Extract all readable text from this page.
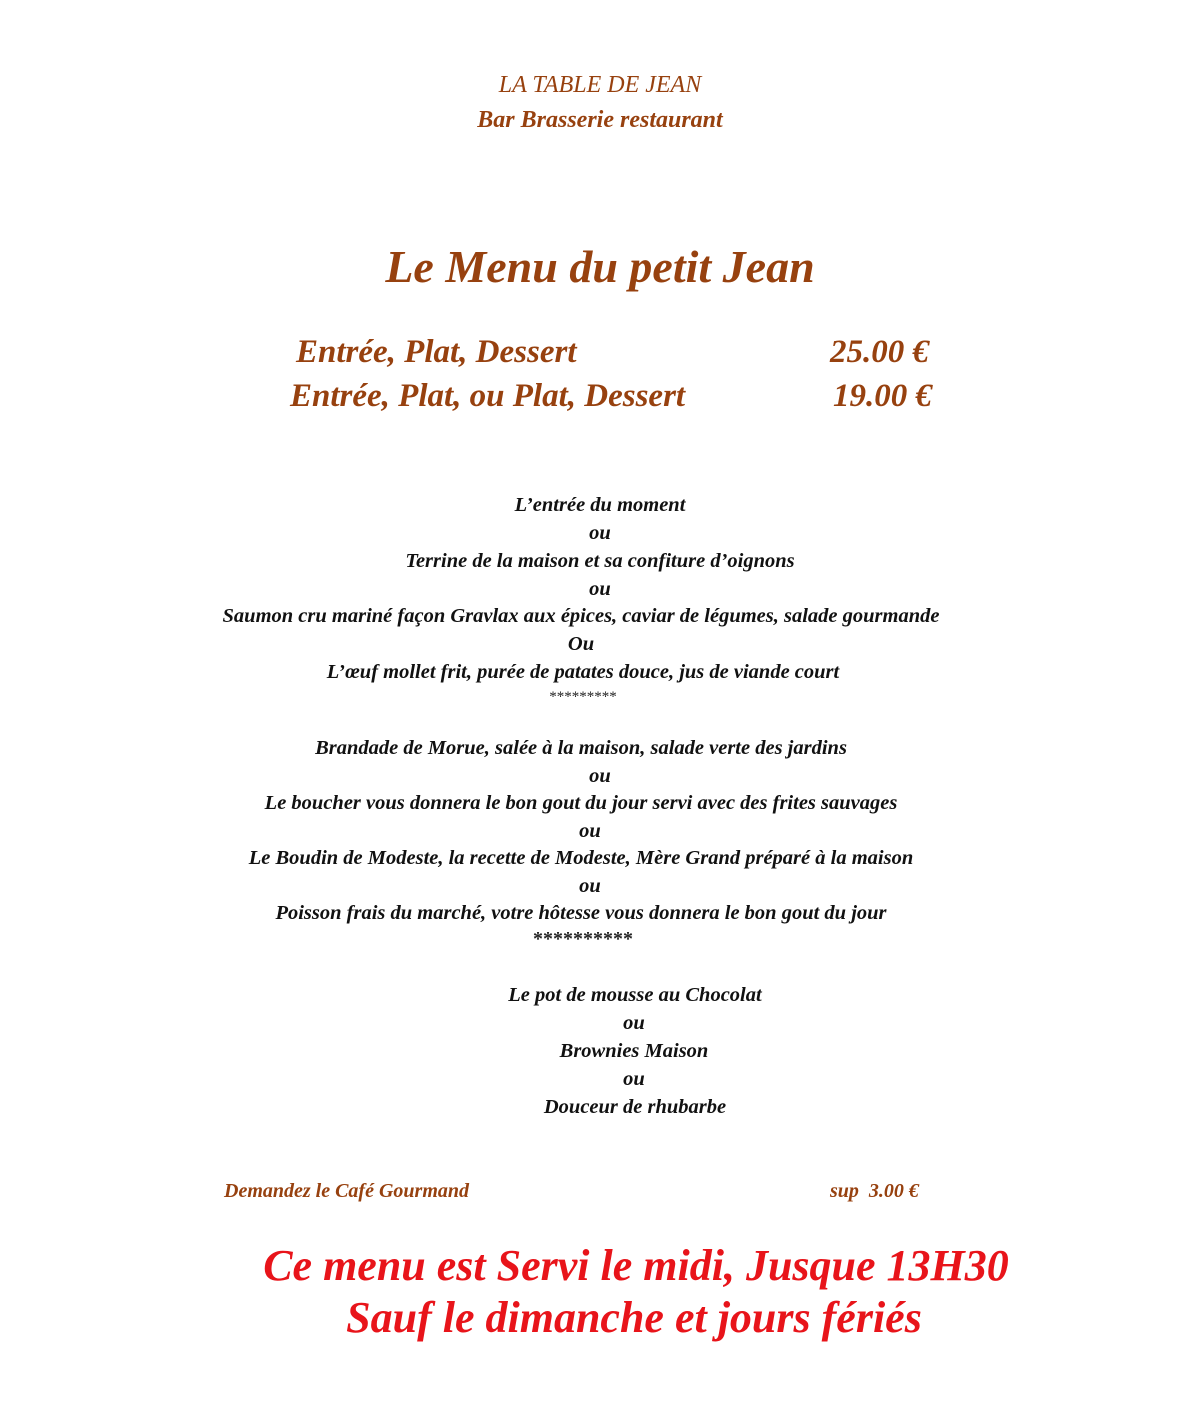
LA TABLE DE JEAN
Bar Brasserie restaurant
Le Menu du petit Jean
Entrée, Plat, Dessert	25.00 €
Entrée, Plat, ou Plat, Dessert	19.00 €
L’entrée du moment
ou
Terrine de la maison et sa confiture d’oignons
ou
Saumon cru mariné façon Gravlax aux épices, caviar de légumes, salade gourmande
Ou
L’œuf mollet frit, purée de patates douce, jus de viande court
*********
Brandade de Morue, salée à la maison, salade verte des jardins
ou
Le boucher vous donnera le bon gout du jour servi avec des frites sauvages
ou
Le Boudin de Modeste, la recette de Modeste, Mère Grand préparé à la maison
ou
Poisson frais du marché, votre hôtesse vous donnera le bon gout du jour
**********
Le pot de mousse au Chocolat
ou
Brownies Maison
ou
Douceur de rhubarbe
Demandez le Café Gourmand	sup  3.00 €
Ce menu est Servi le midi, Jusque 13H30
Sauf le dimanche et jours fériés
